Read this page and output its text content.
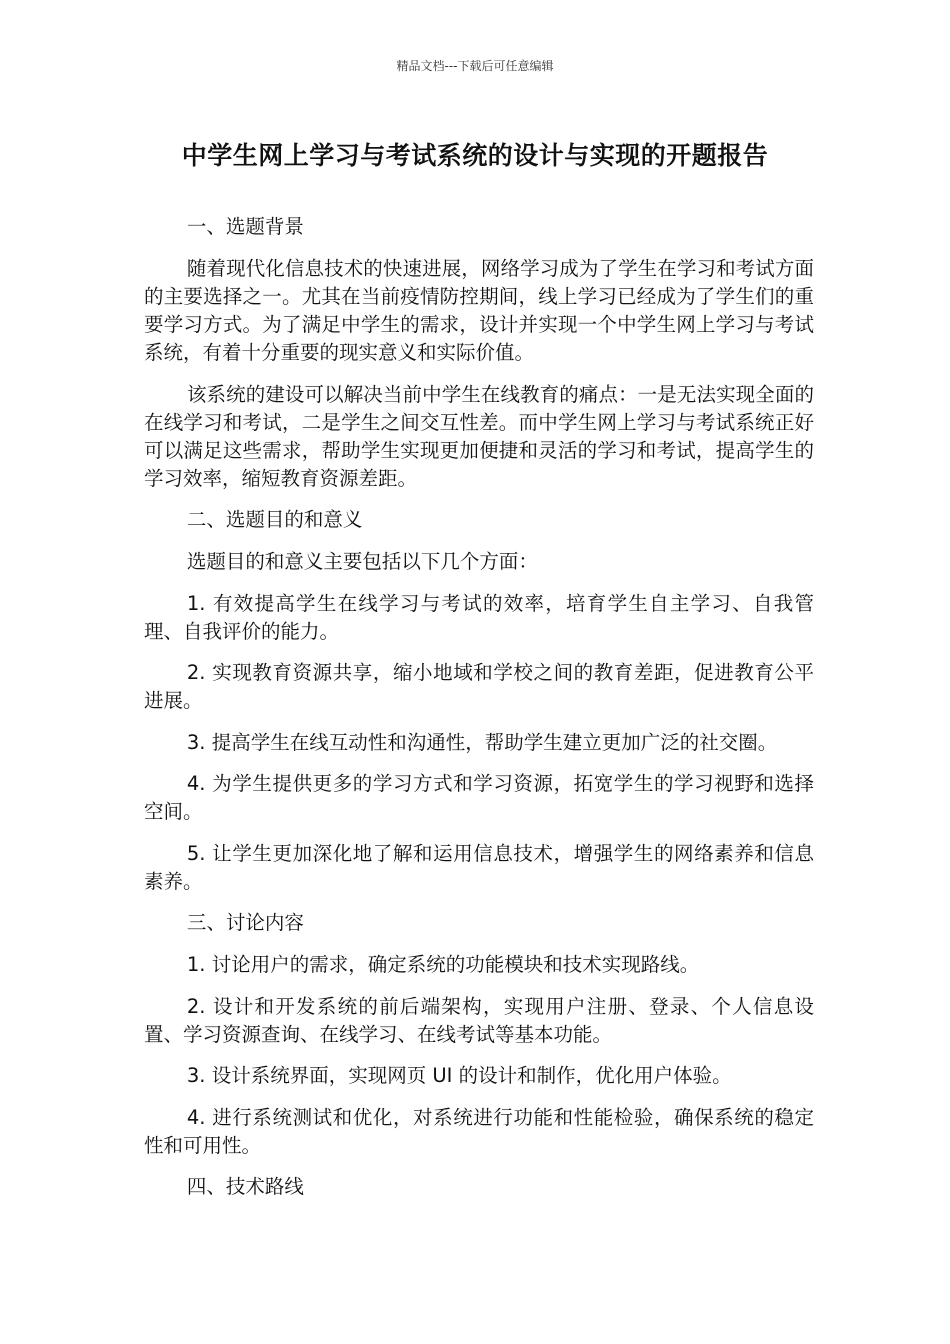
精品文档---下载后可任意编辑
中学生网上学习与考试系统的设计与实现的开题报告

一、选题背景

随着现代化信息技术的快速进展，网络学习成为了学生在学习和考试方面的主要选择之一。尤其在当前疫情防控期间，线上学习已经成为了学生们的重要学习方式。为了满足中学生的需求，设计并实现一个中学生网上学习与考试系统，有着十分重要的现实意义和实际价值。

该系统的建设可以解决当前中学生在线教育的痛点：一是无法实现全面的在线学习和考试，二是学生之间交互性差。而中学生网上学习与考试系统正好可以满足这些需求，帮助学生实现更加便捷和灵活的学习和考试，提高学生的学习效率，缩短教育资源差距。

二、选题目的和意义

选题目的和意义主要包括以下几个方面：

1. 有效提高学生在线学习与考试的效率，培育学生自主学习、自我管理、自我评价的能力。

2. 实现教育资源共享，缩小地域和学校之间的教育差距，促进教育公平进展。

3. 提高学生在线互动性和沟通性，帮助学生建立更加广泛的社交圈。

4. 为学生提供更多的学习方式和学习资源，拓宽学生的学习视野和选择空间。

5. 让学生更加深化地了解和运用信息技术，增强学生的网络素养和信息素养。

三、讨论内容

1. 讨论用户的需求，确定系统的功能模块和技术实现路线。

2. 设计和开发系统的前后端架构，实现用户注册、登录、个人信息设置、学习资源查询、在线学习、在线考试等基本功能。

3. 设计系统界面，实现网页 UI 的设计和制作，优化用户体验。

4. 进行系统测试和优化，对系统进行功能和性能检验，确保系统的稳定性和可用性。

四、技术路线
